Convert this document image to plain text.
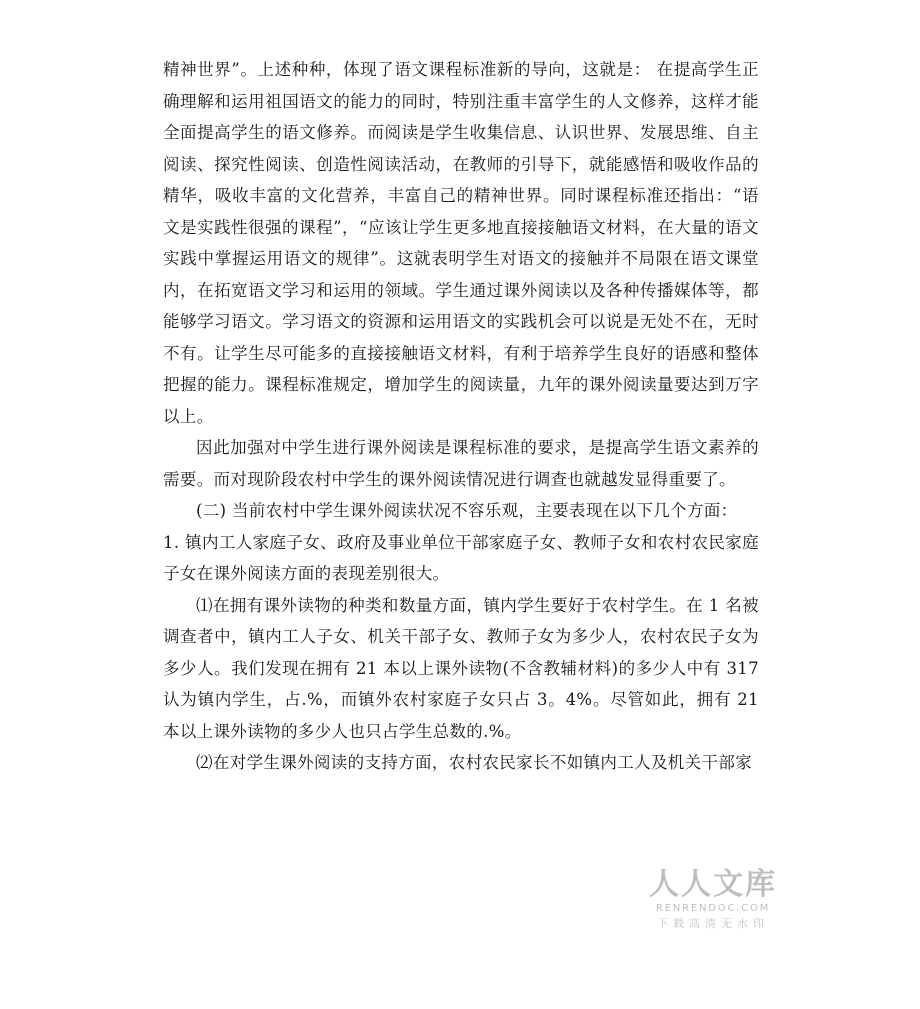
精神世界”。上述种种，体现了语文课程标准新的导向，这就是： 在提高学生正确理解和运用祖国语文的能力的同时，特别注重丰富学生的人文修养，这样才能全面提高学生的语文修养。而阅读是学生收集信息、认识世界、发展思维、自主阅读、探究性阅读、创造性阅读活动，在教师的引导下，就能感悟和吸收作品的精华，吸收丰富的文化营养，丰富自己的精神世界。同时课程标准还指出：“语文是实践性很强的课程”，“应该让学生更多地直接接触语文材料，在大量的语文实践中掌握运用语文的规律”。这就表明学生对语文的接触并不局限在语文课堂内，在拓宽语文学习和运用的领域。学生通过课外阅读以及各种传播媒体等，都能够学习语文。学习语文的资源和运用语文的实践机会可以说是无处不在，无时不有。让学生尽可能多的直接接触语文材料，有利于培养学生良好的语感和整体把握的能力。课程标准规定，增加学生的阅读量，九年的课外阅读量要达到万字以上。

因此加强对中学生进行课外阅读是课程标准的要求，是提高学生语文素养的需要。而对现阶段农村中学生的课外阅读情况进行调查也就越发显得重要了。

(二) 当前农村中学生课外阅读状况不容乐观，主要表现在以下几个方面：

1. 镇内工人家庭子女、政府及事业单位干部家庭子女、教师子女和农村农民家庭子女在课外阅读方面的表现差别很大。

⑴在拥有课外读物的种类和数量方面，镇内学生要好于农村学生。在 1 名被调查者中，镇内工人子女、机关干部子女、教师子女为多少人，农村农民子女为多少人。我们发现在拥有 21 本以上课外读物(不含教辅材料)的多少人中有 317 认为镇内学生，占.%，而镇外农村家庭子女只占 3。4%。尽管如此，拥有 21 本以上课外读物的多少人也只占学生总数的.%。

⑵在对学生课外阅读的支持方面，农村农民家长不如镇内工人及机关干部家

人人文库
RENRENDOC.COM
下载高清无水印
